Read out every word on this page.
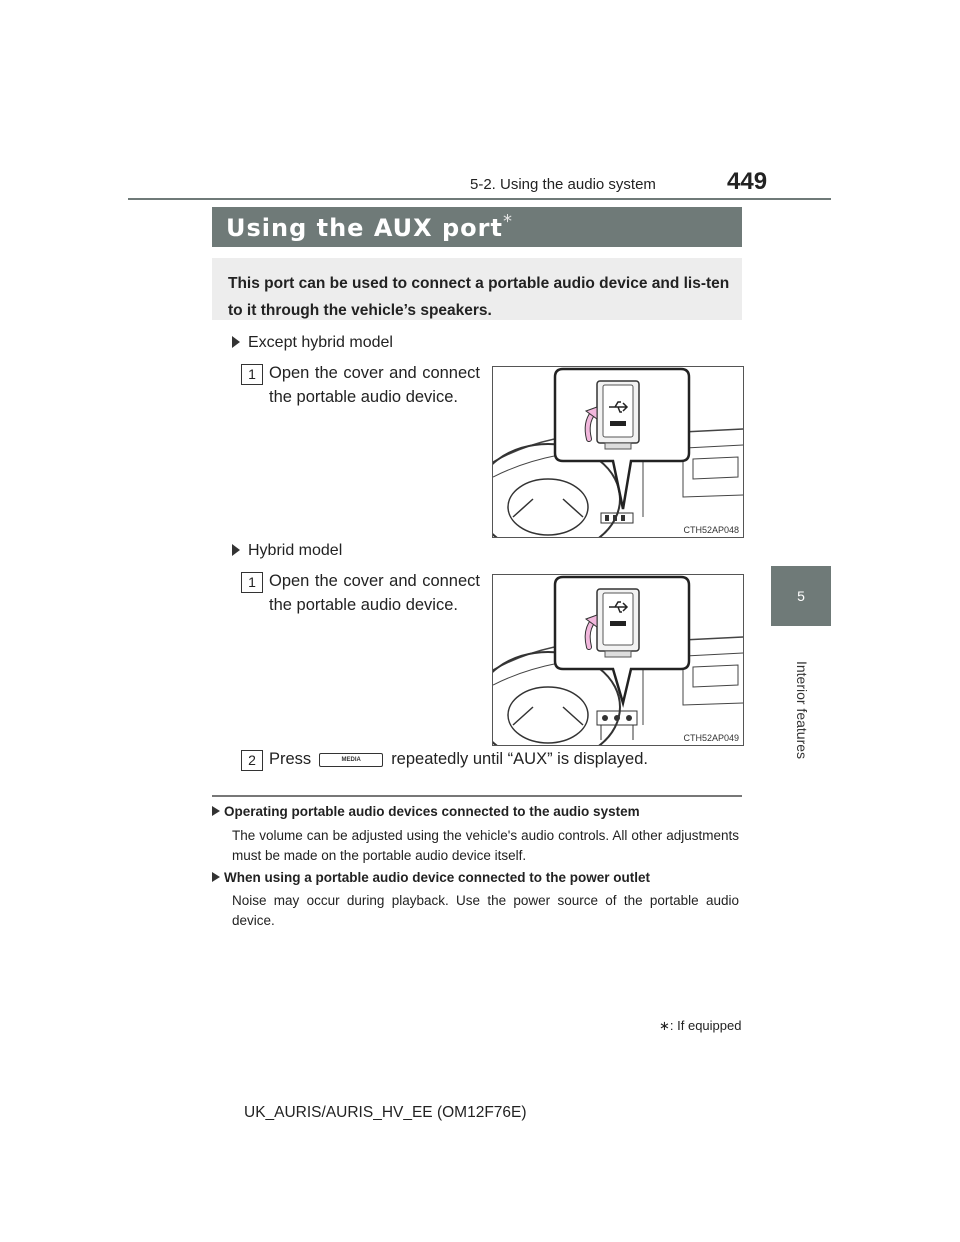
5-2. Using the audio system	449
5
Interior features
Using the AUX port*
This port can be used to connect a portable audio device and lis-ten to it through the vehicle’s speakers.
Except hybrid model
1 Open the cover and connect the portable audio device.
CTH52AP048
Hybrid model
1 Open the cover and connect the portable audio device.
CTH52AP049
2 Press	MEDIA	repeatedly until “AUX” is displayed.
Operating portable audio devices connected to the audio system
The volume can be adjusted using the vehicle's audio controls. All other adjustments must be made on the portable audio device itself.
When using a portable audio device connected to the power outlet
Noise may occur during playback. Use the power source of the portable audio device.
∗: If equipped
UK_AURIS/AURIS_HV_EE (OM12F76E)
